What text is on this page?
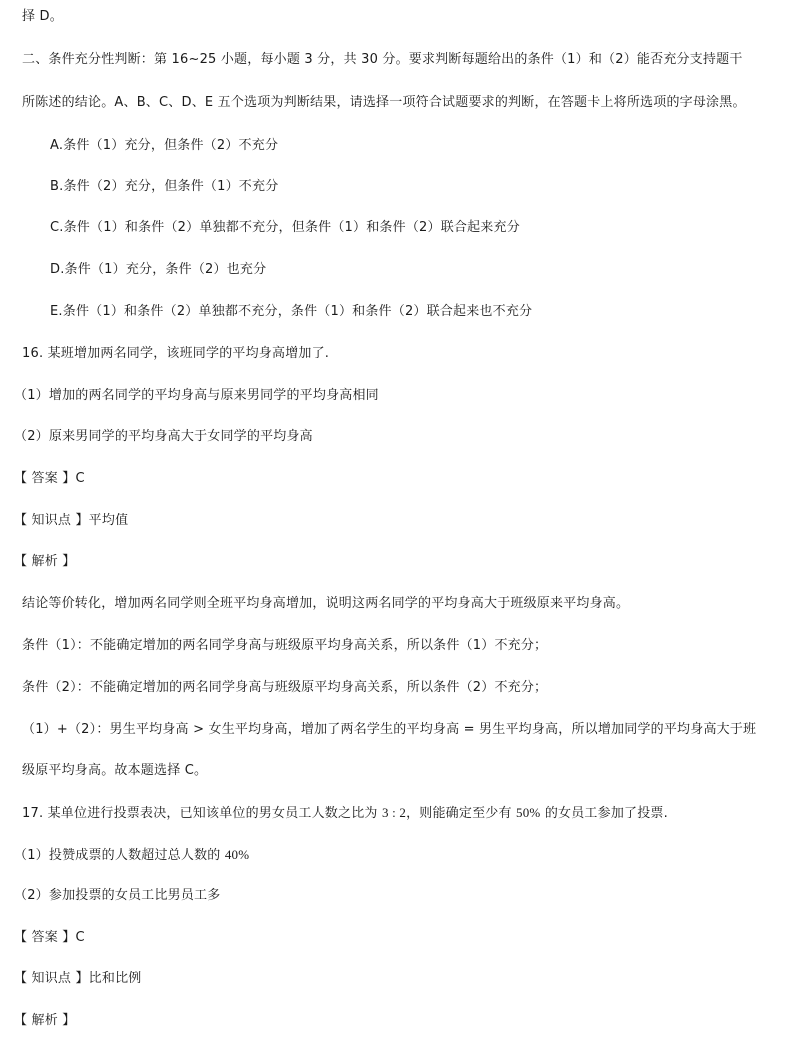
择 D。
二、条件充分性判断：第 16~25 小题，每小题 3 分，共 30 分。要求判断每题给出的条件（1）和（2）能否充分支持题干
所陈述的结论。A、B、C、D、E 五个选项为判断结果，请选择一项符合试题要求的判断，在答题卡上将所选项的字母涂黑。
A.条件（1）充分，但条件（2）不充分
B.条件（2）充分，但条件（1）不充分
C.条件（1）和条件（2）单独都不充分，但条件（1）和条件（2）联合起来充分
D.条件（1）充分，条件（2）也充分
E.条件（1）和条件（2）单独都不充分，条件（1）和条件（2）联合起来也不充分
16. 某班增加两名同学，该班同学的平均身高增加了.
（1）增加的两名同学的平均身高与原来男同学的平均身高相同
（2）原来男同学的平均身高大于女同学的平均身高
【 答案 】C
【 知识点 】平均值
【 解析 】
结论等价转化，增加两名同学则全班平均身高增加，说明这两名同学的平均身高大于班级原来平均身高。
条件（1）：不能确定增加的两名同学身高与班级原平均身高关系，所以条件（1）不充分；
条件（2）：不能确定增加的两名同学身高与班级原平均身高关系，所以条件（2）不充分；
（1）+（2）：男生平均身高 > 女生平均身高，增加了两名学生的平均身高 = 男生平均身高，所以增加同学的平均身高大于班
级原平均身高。故本题选择 C。
17. 某单位进行投票表决，已知该单位的男女员工人数之比为 3 : 2，则能确定至少有 50% 的女员工参加了投票.
（1）投赞成票的人数超过总人数的 40%
（2）参加投票的女员工比男员工多
【 答案 】C
【 知识点 】比和比例
【 解析 】
